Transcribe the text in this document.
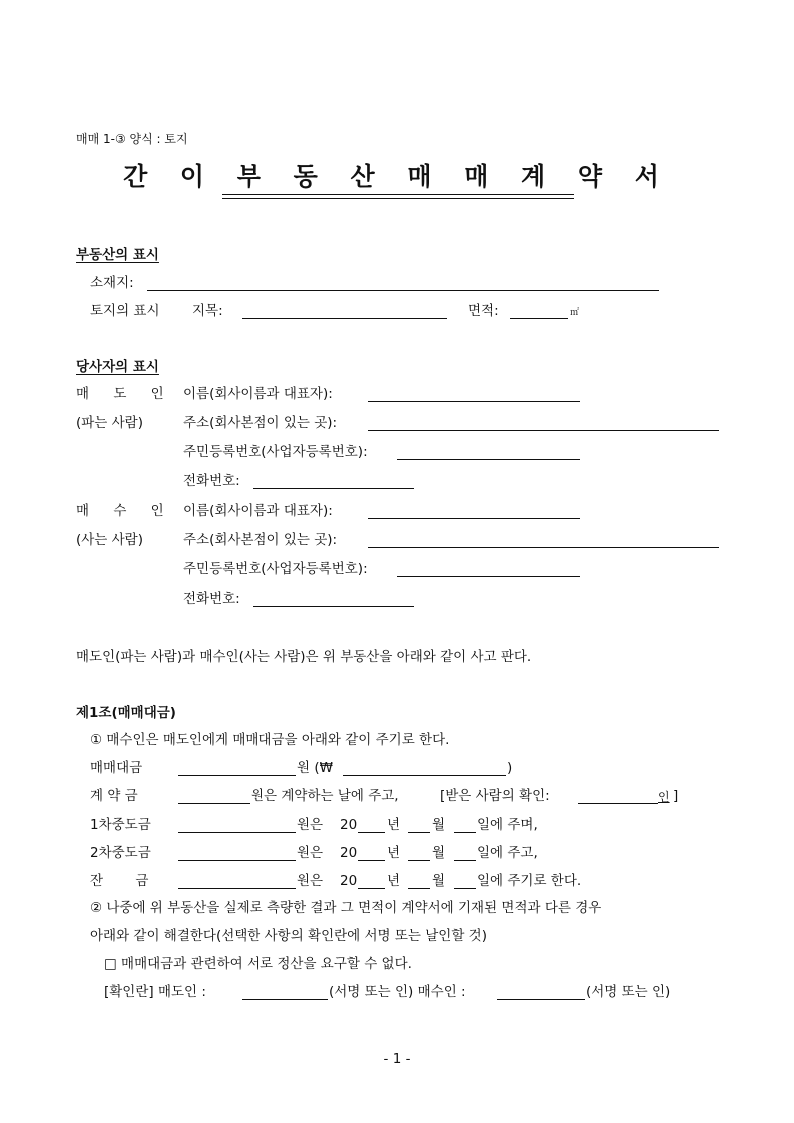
매매 1-③ 양식 : 토지
간 이 부 동 산 매 매 계 약 서
부동산의 표시
소재지:
토지의 표시 지목:	면적:	㎡
당사자의 표시
매 도 인 이름(회사이름과 대표자):
(파는 사람)	주소(회사본점이 있는 곳):
주민등록번호(사업자등록번호):
전화번호:
매 수 인 이름(회사이름과 대표자):
(사는 사람)	주소(회사본점이 있는 곳):
주민등록번호(사업자등록번호):
전화번호:
매도인(파는 사람)과 매수인(사는 사람)은 위 부동산을 아래와 같이 사고 판다.
제1조(매매대금)
① 매수인은 매도인에게 매매대금을 아래와 같이 주기로 한다.
매매대금	원 (₩	)
계 약 금	원은 계약하는 날에 주고,	[받은 사람의 확인:	인 ]
1차중도금	원은 20 년 월 일에 주며,
2차중도금	원은 20 년 월 일에 주고,
잔 금	원은 20 년 월 일에 주기로 한다.
② 나중에 위 부동산을 실제로 측량한 결과 그 면적이 계약서에 기재된 면적과 다른 경우
아래와 같이 해결한다(선택한 사항의 확인란에 서명 또는 날인할 것)
□ 매매대금과 관련하여 서로 정산을 요구할 수 없다.
[확인란] 매도인 :	(서명 또는 인) 매수인 :	(서명 또는 인)
- 1 -
